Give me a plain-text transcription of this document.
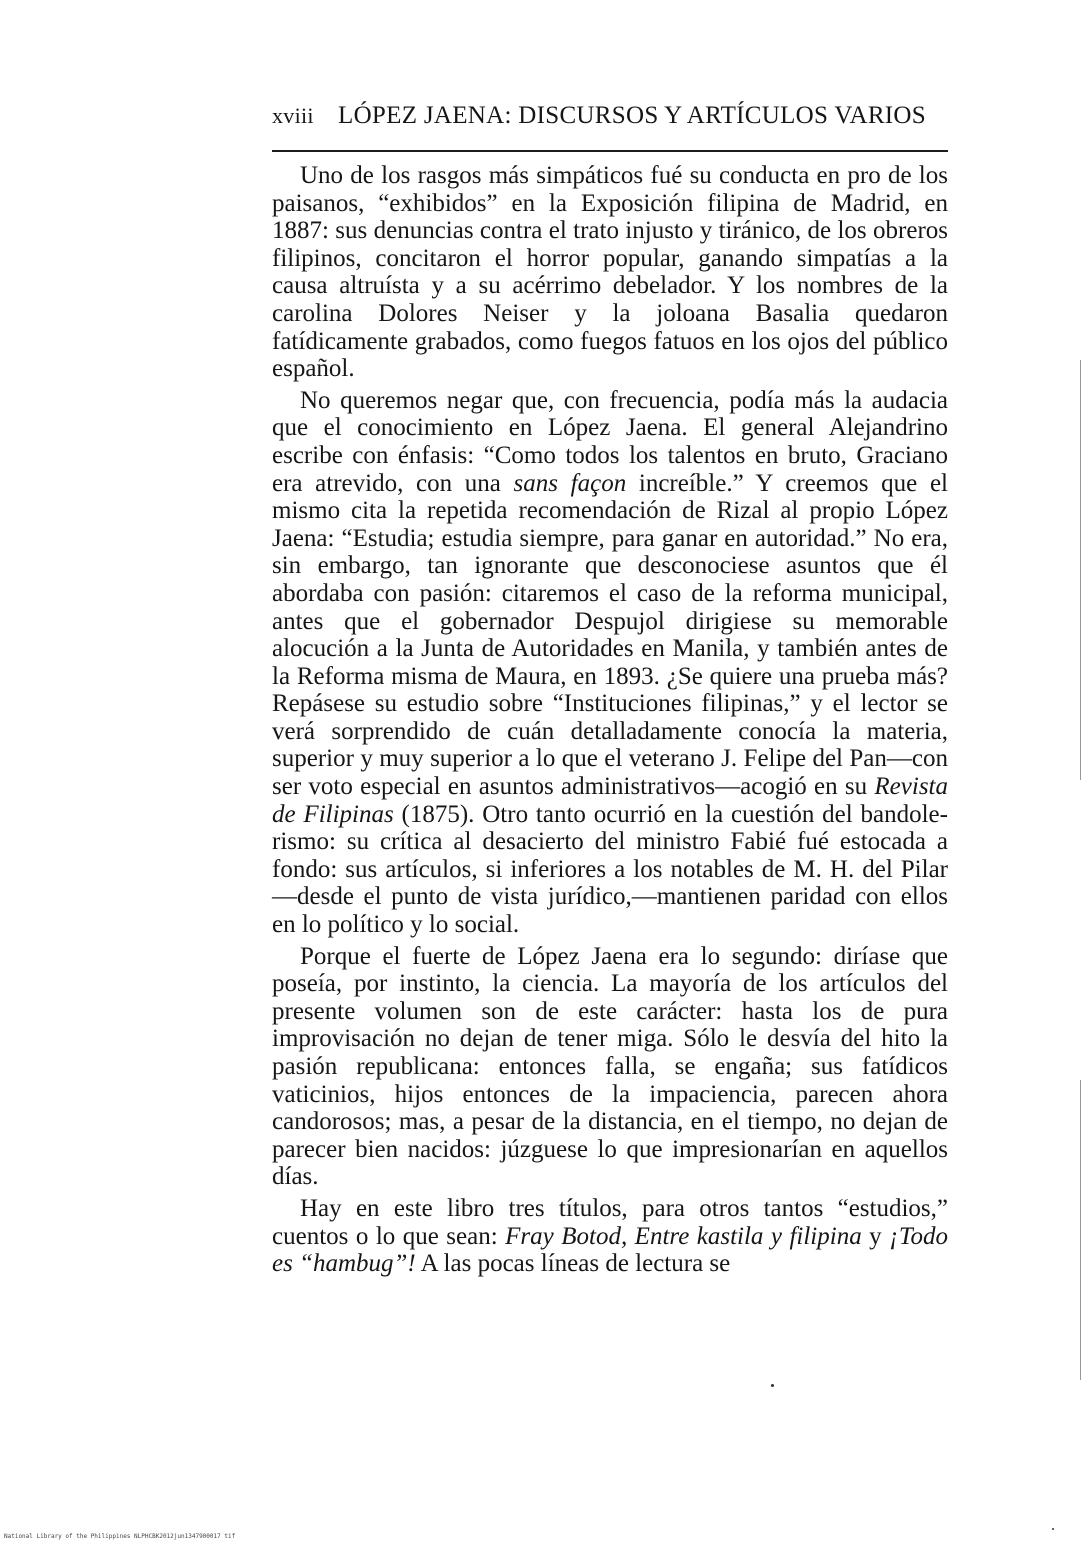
xviii LÓPEZ JAENA: DISCURSOS Y ARTÍCULOS VARIOS

Uno de los rasgos más simpáticos fué su conducta en pro de los paisanos, “exhibidos” en la Exposición filipina de Madrid, en 1887: sus denuncias contra el trato injusto y tiránico, de los obreros filipinos, concitaron el horror popular, ganando simpatías a la causa altruísta y a su acérrimo debelador. Y los nombres de la carolina Dolores Neiser y la joloana Basalia quedaron fatídicamente grabados, como fuegos fatuos en los ojos del público español.

No queremos negar que, con frecuencia, podía más la audacia que el conocimiento en López Jaena. El general Alejandrino escribe con énfasis: “Como todos los talentos en bruto, Graciano era atrevido, con una sans façon increíble.” Y creemos que el mismo cita la repetida recomendación de Rizal al propio López Jaena: “Estudia; estudia siempre, para ganar en autoridad.” No era, sin embargo, tan ignorante que desconociese asuntos que él abordaba con pasión: citaremos el caso de la reforma municipal, antes que el gobernador Despujol dirigiese su memorable alocución a la Junta de Autoridades en Manila, y también antes de la Reforma misma de Maura, en 1893. ¿Se quiere una prueba más? Repásese su estudio sobre “Instituciones filipinas,” y el lector se verá sorprendido de cuán detalladamente conocía la materia, superior y muy superior a lo que el veterano J. Felipe del Pan—con ser voto especial en asuntos administrativos—acogió en su Revista de Filipinas (1875). Otro tanto ocurrió en la cuestión del bandolerismo: su crítica al desacierto del ministro Fabié fué estocada a fondo: sus artículos, si inferiores a los notables de M. H. del Pilar—desde el punto de vista jurídico,—mantienen paridad con ellos en lo político y lo social.

Porque el fuerte de López Jaena era lo segundo: diríase que poseía, por instinto, la ciencia. La mayoría de los artículos del presente volumen son de este carácter: hasta los de pura improvisación no dejan de tener miga. Sólo le desvía del hito la pasión republicana: entonces falla, se engaña; sus fatídicos vaticinios, hijos entonces de la impaciencia, parecen ahora candorosos; mas, a pesar de la distancia, en el tiempo, no dejan de parecer bien nacidos: júzguese lo que impresionarían en aquellos días.

Hay en este libro tres títulos, para otros tantos “estudios,” cuentos o lo que sean: Fray Botod, Entre kastila y filipina y ¡Todo es “hambug”! A las pocas líneas de lectura se

National Library of the Philippines NLPHCBK2012jun1347900017 tif
